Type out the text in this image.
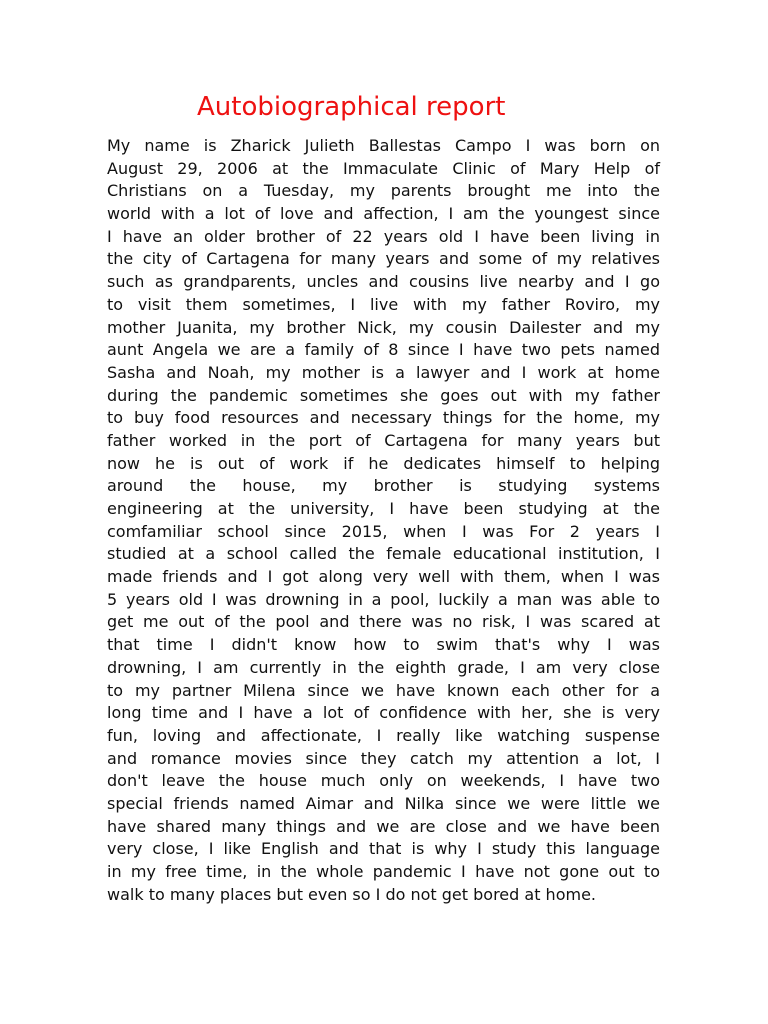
Autobiographical report
My name is Zharick Julieth Ballestas Campo I was born on
August 29, 2006 at the Immaculate Clinic of Mary Help of
Christians on a Tuesday, my parents brought me into the
world with a lot of love and affection, I am the youngest since
I have an older brother of 22 years old I have been living in
the city of Cartagena for many years and some of my relatives
such as grandparents, uncles and cousins live nearby and I go
to visit them sometimes, I live with my father Roviro, my
mother Juanita, my brother Nick, my cousin Dailester and my
aunt Angela we are a family of 8 since I have two pets named
Sasha and Noah, my mother is a lawyer and I work at home
during the pandemic sometimes she goes out with my father
to buy food resources and necessary things for the home, my
father worked in the port of Cartagena for many years but
now he is out of work if he dedicates himself to helping
around the house, my brother is studying systems
engineering at the university, I have been studying at the
comfamiliar school since 2015, when I was For 2 years I
studied at a school called the female educational institution, I
made friends and I got along very well with them, when I was
5 years old I was drowning in a pool, luckily a man was able to
get me out of the pool and there was no risk, I was scared at
that time I didn't know how to swim that's why I was
drowning, I am currently in the eighth grade, I am very close
to my partner Milena since we have known each other for a
long time and I have a lot of confidence with her, she is very
fun, loving and affectionate, I really like watching suspense
and romance movies since they catch my attention a lot, I
don't leave the house much only on weekends, I have two
special friends named Aimar and Nilka since we were little we
have shared many things and we are close and we have been
very close, I like English and that is why I study this language
in my free time, in the whole pandemic I have not gone out to
walk to many places but even so I do not get bored at home.
